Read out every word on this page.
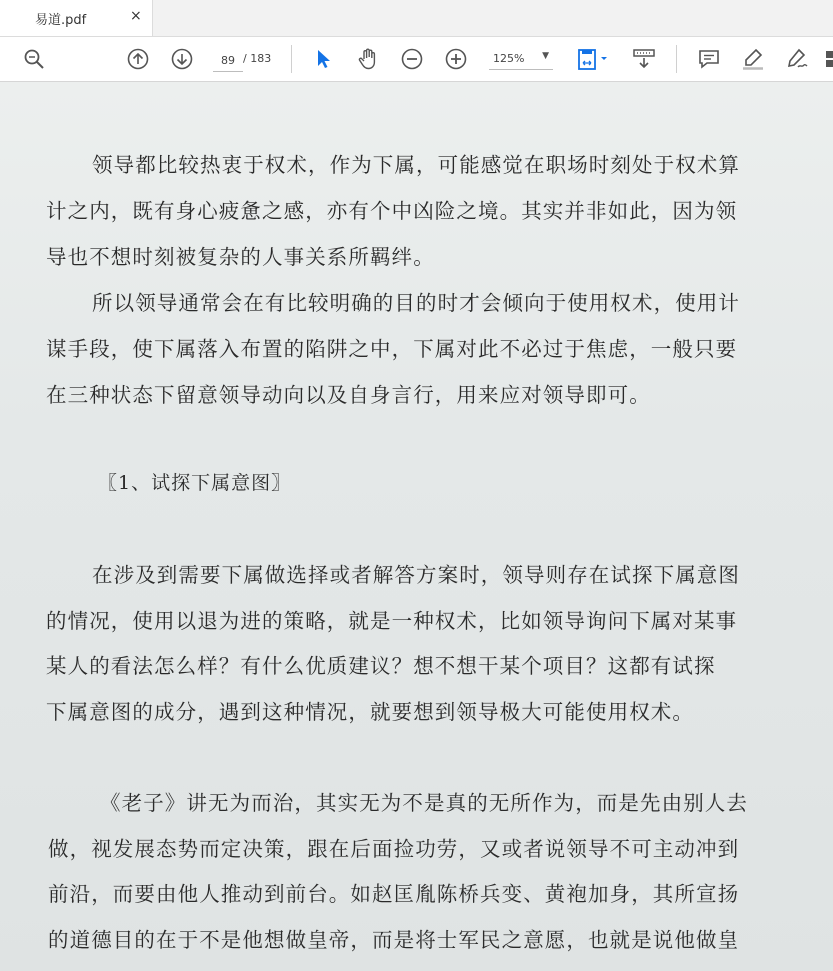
易道.pdf	×
89
/ 183	125% ▼
领导都比较热衷于权术，作为下属，可能感觉在职场时刻处于权术算
计之内，既有身心疲惫之感，亦有个中凶险之境。其实并非如此，因为领
导也不想时刻被复杂的人事关系所羁绊。
所以领导通常会在有比较明确的目的时才会倾向于使用权术，使用计
谋手段，使下属落入布置的陷阱之中，下属对此不必过于焦虑，一般只要
在三种状态下留意领导动向以及自身言行，用来应对领导即可。
〖1、试探下属意图〗
在涉及到需要下属做选择或者解答方案时，领导则存在试探下属意图
的情况，使用以退为进的策略，就是一种权术，比如领导询问下属对某事
某人的看法怎么样？有什么优质建议？想不想干某个项目？这都有试探
下属意图的成分，遇到这种情况，就要想到领导极大可能使用权术。
《老子》讲无为而治，其实无为不是真的无所作为，而是先由别人去
做，视发展态势而定决策，跟在后面捡功劳，又或者说领导不可主动冲到
前沿，而要由他人推动到前台。如赵匡胤陈桥兵变、黄袍加身，其所宣扬
的道德目的在于不是他想做皇帝，而是将士军民之意愿，也就是说他做皇
